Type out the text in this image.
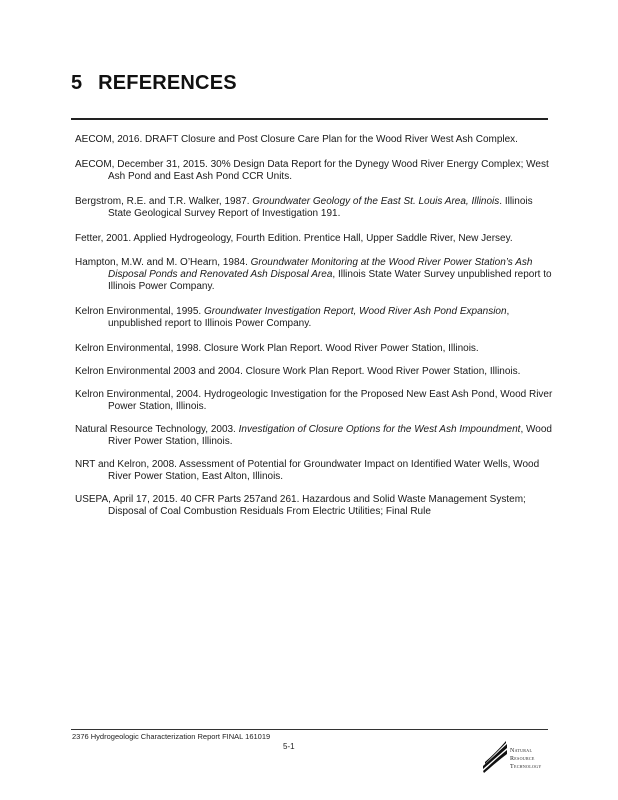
5 REFERENCES
AECOM, 2016. DRAFT Closure and Post Closure Care Plan for the Wood River West Ash Complex.
AECOM, December 31, 2015. 30% Design Data Report for the Dynegy Wood River Energy Complex; West Ash Pond and East Ash Pond CCR Units.
Bergstrom, R.E. and T.R. Walker, 1987. Groundwater Geology of the East St. Louis Area, Illinois. Illinois State Geological Survey Report of Investigation 191.
Fetter, 2001. Applied Hydrogeology, Fourth Edition. Prentice Hall, Upper Saddle River, New Jersey.
Hampton, M.W. and M. O’Hearn, 1984. Groundwater Monitoring at the Wood River Power Station’s Ash Disposal Ponds and Renovated Ash Disposal Area, Illinois State Water Survey unpublished report to Illinois Power Company.
Kelron Environmental, 1995. Groundwater Investigation Report, Wood River Ash Pond Expansion, unpublished report to Illinois Power Company.
Kelron Environmental, 1998. Closure Work Plan Report. Wood River Power Station, Illinois.
Kelron Environmental 2003 and 2004. Closure Work Plan Report. Wood River Power Station, Illinois.
Kelron Environmental, 2004. Hydrogeologic Investigation for the Proposed New East Ash Pond, Wood River Power Station, Illinois.
Natural Resource Technology, 2003. Investigation of Closure Options for the West Ash Impoundment, Wood River Power Station, Illinois.
NRT and Kelron, 2008. Assessment of Potential for Groundwater Impact on Identified Water Wells, Wood River Power Station, East Alton, Illinois.
USEPA, April 17, 2015. 40 CFR Parts 257and 261. Hazardous and Solid Waste Management System; Disposal of Coal Combustion Residuals From Electric Utilities; Final Rule
2376 Hydrogeologic Characterization Report FINAL 161019
5-1	Natural
Resource
Technology
